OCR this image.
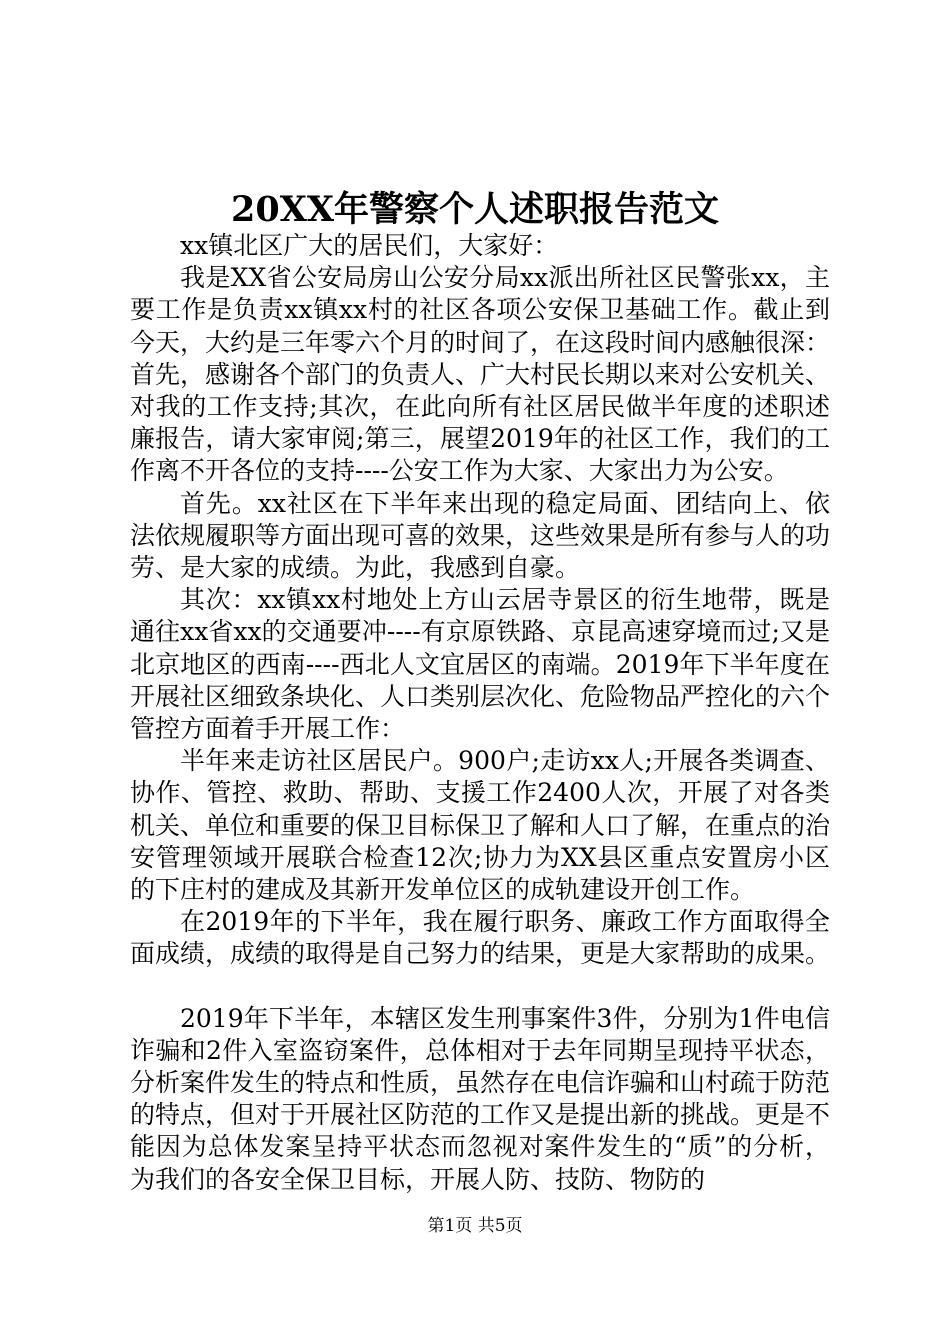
20XX年警察个人述职报告范文

xx镇北区广大的居民们，大家好：

我是XX省公安局房山公安分局xx派出所社区民警张xx，主要工作是负责xx镇xx村的社区各项公安保卫基础工作。截止到今天，大约是三年零六个月的时间了，在这段时间内感触很深：首先，感谢各个部门的负责人、广大村民长期以来对公安机关、对我的工作支持;其次，在此向所有社区居民做半年度的述职述廉报告，请大家审阅;第三，展望2019年的社区工作，我们的工作离不开各位的支持----公安工作为大家、大家出力为公安。

首先。xx社区在下半年来出现的稳定局面、团结向上、依法依规履职等方面出现可喜的效果，这些效果是所有参与人的功劳、是大家的成绩。为此，我感到自豪。

其次：xx镇xx村地处上方山云居寺景区的衍生地带，既是通往xx省xx的交通要冲----有京原铁路、京昆高速穿境而过;又是北京地区的西南----西北人文宜居区的南端。2019年下半年度在开展社区细致条块化、人口类别层次化、危险物品严控化的六个管控方面着手开展工作：

半年来走访社区居民户。900户;走访xx人;开展各类调查、协作、管控、救助、帮助、支援工作2400人次，开展了对各类机关、单位和重要的保卫目标保卫了解和人口了解，在重点的治安管理领域开展联合检查12次;协力为XX县区重点安置房小区的下庄村的建成及其新开发单位区的成轨建设开创工作。

在2019年的下半年，我在履行职务、廉政工作方面取得全面成绩，成绩的取得是自己努力的结果，更是大家帮助的成果。

2019年下半年，本辖区发生刑事案件3件，分别为1件电信诈骗和2件入室盗窃案件，总体相对于去年同期呈现持平状态，分析案件发生的特点和性质，虽然存在电信诈骗和山村疏于防范的特点，但对于开展社区防范的工作又是提出新的挑战。更是不能因为总体发案呈持平状态而忽视对案件发生的“质”的分析，为我们的各安全保卫目标，开展人防、技防、物防的

第1页 共5页
